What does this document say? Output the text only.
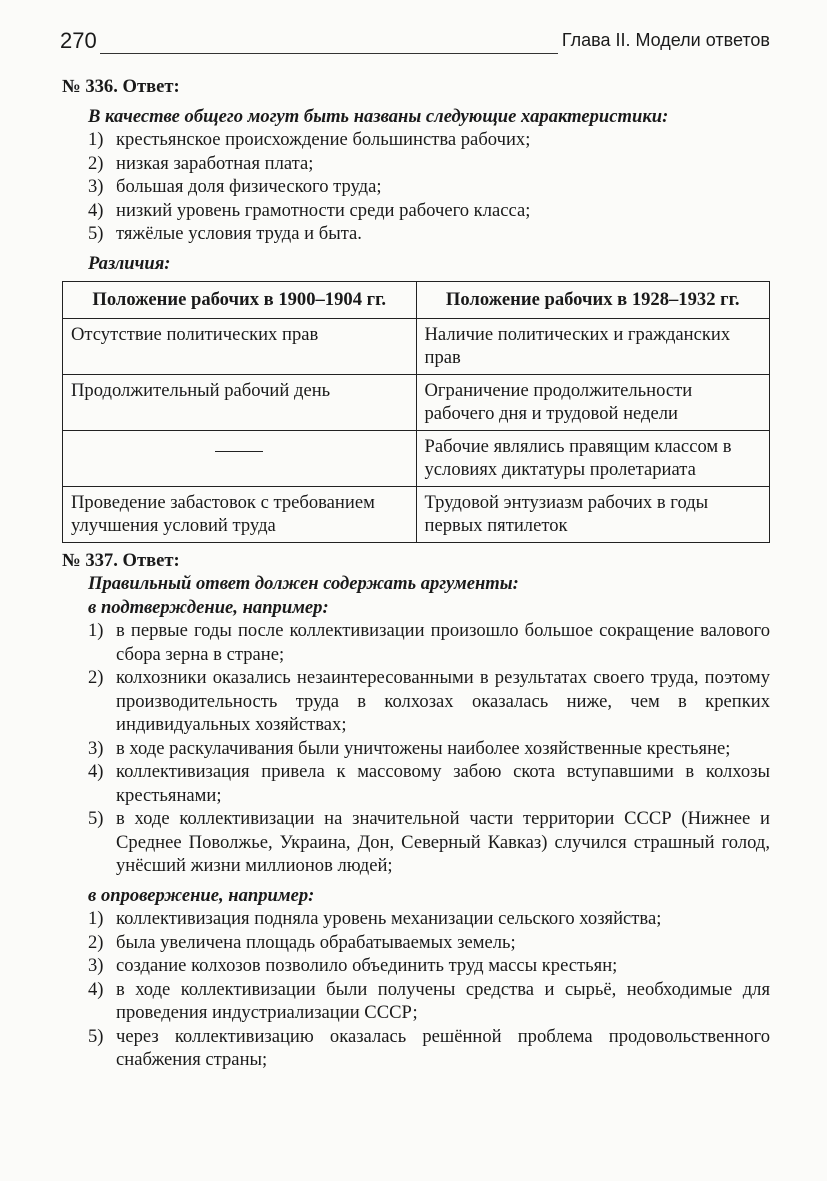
270	Глава II. Модели ответов

№ 336. Ответ:

В качестве общего могут быть названы следующие характеристики:

1) крестьянское происхождение большинства рабочих;
2) низкая заработная плата;
3) большая доля физического труда;
4) низкий уровень грамотности среди рабочего класса;
5) тяжёлые условия труда и быта.

Различия:

Положение рабочих в 1900–1904 гг.	Положение рабочих в 1928–1932 гг.
Отсутствие политических прав	Наличие политических и гражданских прав
Продолжительный рабочий день	Ограничение продолжительности рабочего дня и трудовой недели
	Рабочие являлись правящим классом в условиях диктатуры пролетариата
Проведение забастовок с требованием улучшения условий труда	Трудовой энтузиазм рабочих в годы первых пятилеток

№ 337. Ответ:

Правильный ответ должен содержать аргументы:

в подтверждение, например:

1) в первые годы после коллективизации произошло большое сокращение валового сбора зерна в стране;
2) колхозники оказались незаинтересованными в результатах своего труда, поэтому производительность труда в колхозах оказалась ниже, чем в крепких индивидуальных хозяйствах;
3) в ходе раскулачивания были уничтожены наиболее хозяйственные крестьяне;
4) коллективизация привела к массовому забою скота вступавшими в колхозы крестьянами;
5) в ходе коллективизации на значительной части территории СССР (Нижнее и Среднее Поволжье, Украина, Дон, Северный Кавказ) случился страшный голод, унёсший жизни миллионов людей;

в опровержение, например:

1) коллективизация подняла уровень механизации сельского хозяйства;
2) была увеличена площадь обрабатываемых земель;
3) создание колхозов позволило объединить труд массы крестьян;
4) в ходе коллективизации были получены средства и сырьё, необходимые для проведения индустриализации СССР;
5) через коллективизацию оказалась решённой проблема продовольственного снабжения страны;
